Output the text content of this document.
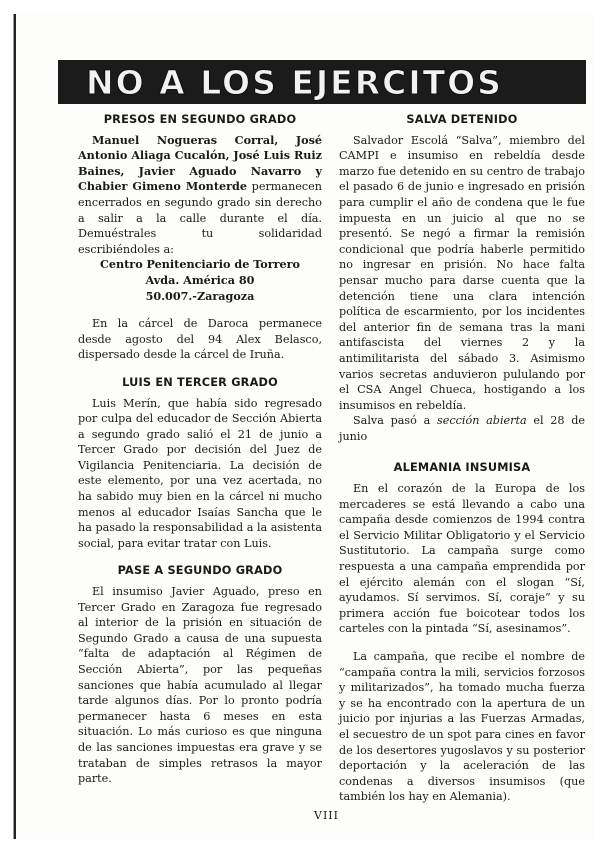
NO A LOS EJERCITOS
PRESOS EN SEGUNDO GRADO

Manuel Nogueras Corral, José Antonio Aliaga Cucalón, José Luis Ruiz Baines, Javier Aguado Navarro y Chabier Gimeno Monterde permanecen encerrados en segundo grado sin derecho a salir a la calle durante el día. Demuéstrales tu solidaridad escribiéndoles a:

Centro Penitenciario de Torrero
Avda. América 80
50.007.-Zaragoza

En la cárcel de Daroca permanece desde agosto del 94 Alex Belasco, dispersado desde la cárcel de Iruña.

LUIS EN TERCER GRADO

Luis Merín, que había sido regresado por culpa del educador de Sección Abierta a segundo grado salió el 21 de junio a Tercer Grado por decisión del Juez de Vigilancia Penitenciaria. La decisión de este elemento, por una vez acertada, no ha sabido muy bien en la cárcel ni mucho menos al educador Isaías Sancha que le ha pasado la responsabilidad a la asistenta social, para evitar tratar con Luis.

PASE A SEGUNDO GRADO

El insumiso Javier Aguado, preso en Tercer Grado en Zaragoza fue regresado al interior de la prisión en situación de Segundo Grado a causa de una supuesta “falta de adaptación al Régimen de Sección Abierta”, por las pequeñas sanciones que había acumulado al llegar tarde algunos días. Por lo pronto podría permanecer hasta 6 meses en esta situación. Lo más curioso es que ninguna de las sanciones impuestas era grave y se trataban de simples retrasos la mayor parte.

SALVA DETENIDO

Salvador Escolá “Salva”, miembro del CAMPI e insumiso en rebeldía desde marzo fue detenido en su centro de trabajo el pasado 6 de junio e ingresado en prisión para cumplir el año de condena que le fue impuesta en un juicio al que no se presentó. Se negó a firmar la remisión condicional que podría haberle permitido no ingresar en prisión. No hace falta pensar mucho para darse cuenta que la detención tiene una clara intención política de escarmiento, por los incidentes del anterior fin de semana tras la mani antifascista del viernes 2 y la antimilitarista del sábado 3. Asimismo varios secretas anduvieron pululando por el CSA Angel Chueca, hostigando a los insumisos en rebeldía.

Salva pasó a sección abierta el 28 de junio

ALEMANIA INSUMISA

En el corazón de la Europa de los mercaderes se está llevando a cabo una campaña desde comienzos de 1994 contra el Servicio Militar Obligatorio y el Servicio Sustitutorio. La campaña surge como respuesta a una campaña emprendida por el ejército alemán con el slogan “Sí, ayudamos. Sí servimos. Sí, coraje” y su primera acción fue boicotear todos los carteles con la pintada “Sí, asesinamos”.

La campaña, que recibe el nombre de “campaña contra la mili, servicios forzosos y militarizados”, ha tomado mucha fuerza y se ha encontrado con la apertura de un juicio por injurias a las Fuerzas Armadas, el secuestro de un spot para cines en favor de los desertores yugoslavos y su posterior deportación y la aceleración de las condenas a diversos insumisos (que también los hay en Alemania).

VIII
